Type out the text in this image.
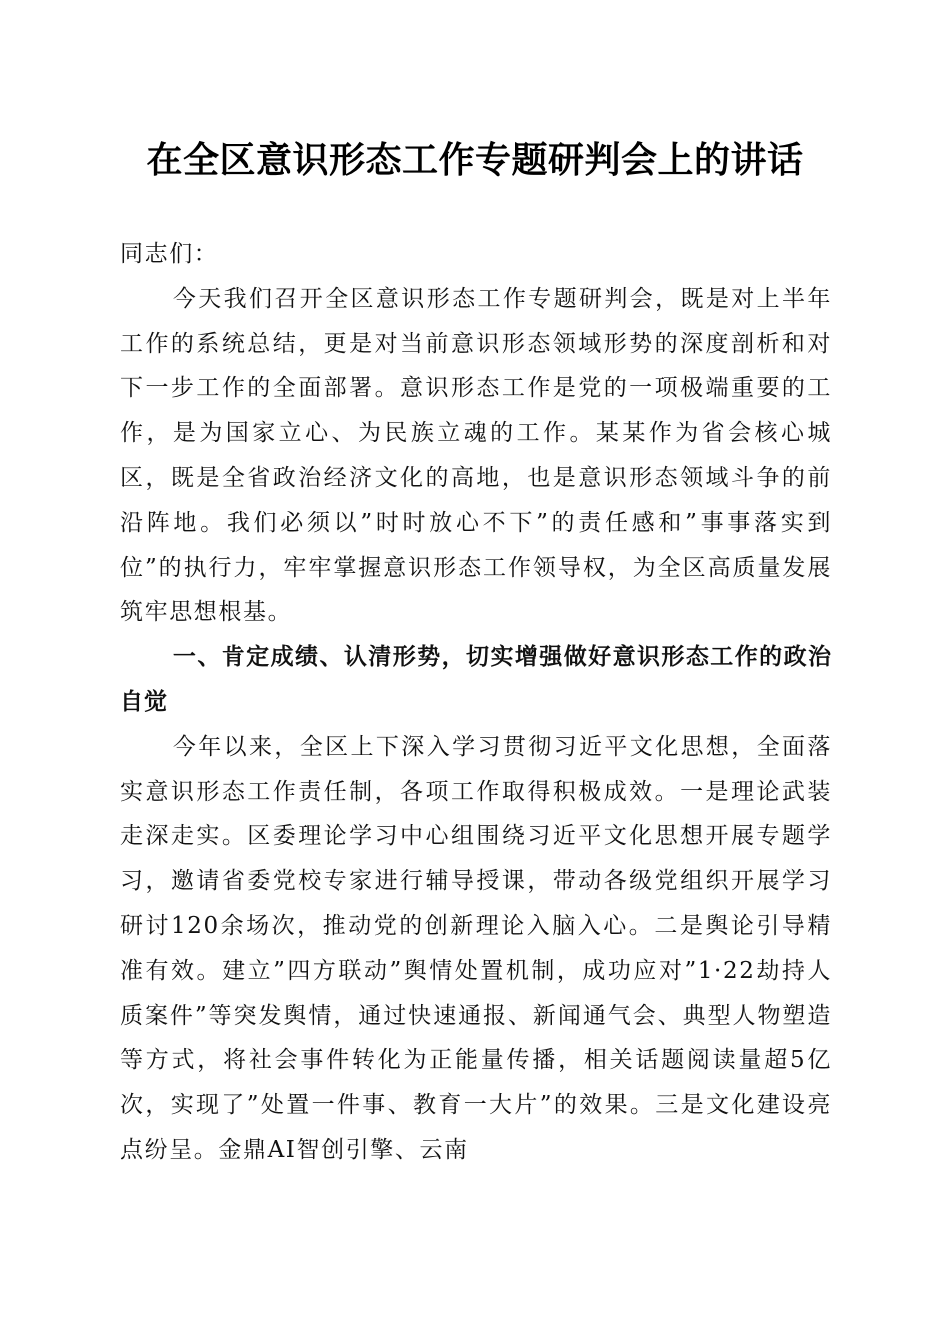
在全区意识形态工作专题研判会上的讲话

同志们：

今天我们召开全区意识形态工作专题研判会，既是对上半年工作的系统总结，更是对当前意识形态领域形势的深度剖析和对下一步工作的全面部署。意识形态工作是党的一项极端重要的工作，是为国家立心、为民族立魂的工作。某某作为省会核心城区，既是全省政治经济文化的高地，也是意识形态领域斗争的前沿阵地。我们必须以”时时放心不下”的责任感和”事事落实到位”的执行力，牢牢掌握意识形态工作领导权，为全区高质量发展筑牢思想根基。

一、肯定成绩、认清形势，切实增强做好意识形态工作的政治自觉

今年以来，全区上下深入学习贯彻习近平文化思想，全面落实意识形态工作责任制，各项工作取得积极成效。一是理论武装走深走实。区委理论学习中心组围绕习近平文化思想开展专题学习，邀请省委党校专家进行辅导授课，带动各级党组织开展学习研讨120余场次，推动党的创新理论入脑入心。二是舆论引导精准有效。建立”四方联动”舆情处置机制，成功应对”1·22劫持人质案件”等突发舆情，通过快速通报、新闻通气会、典型人物塑造等方式，将社会事件转化为正能量传播，相关话题阅读量超5亿次，实现了”处置一件事、教育一大片”的效果。三是文化建设亮点纷呈。金鼎AI智创引擎、云南
